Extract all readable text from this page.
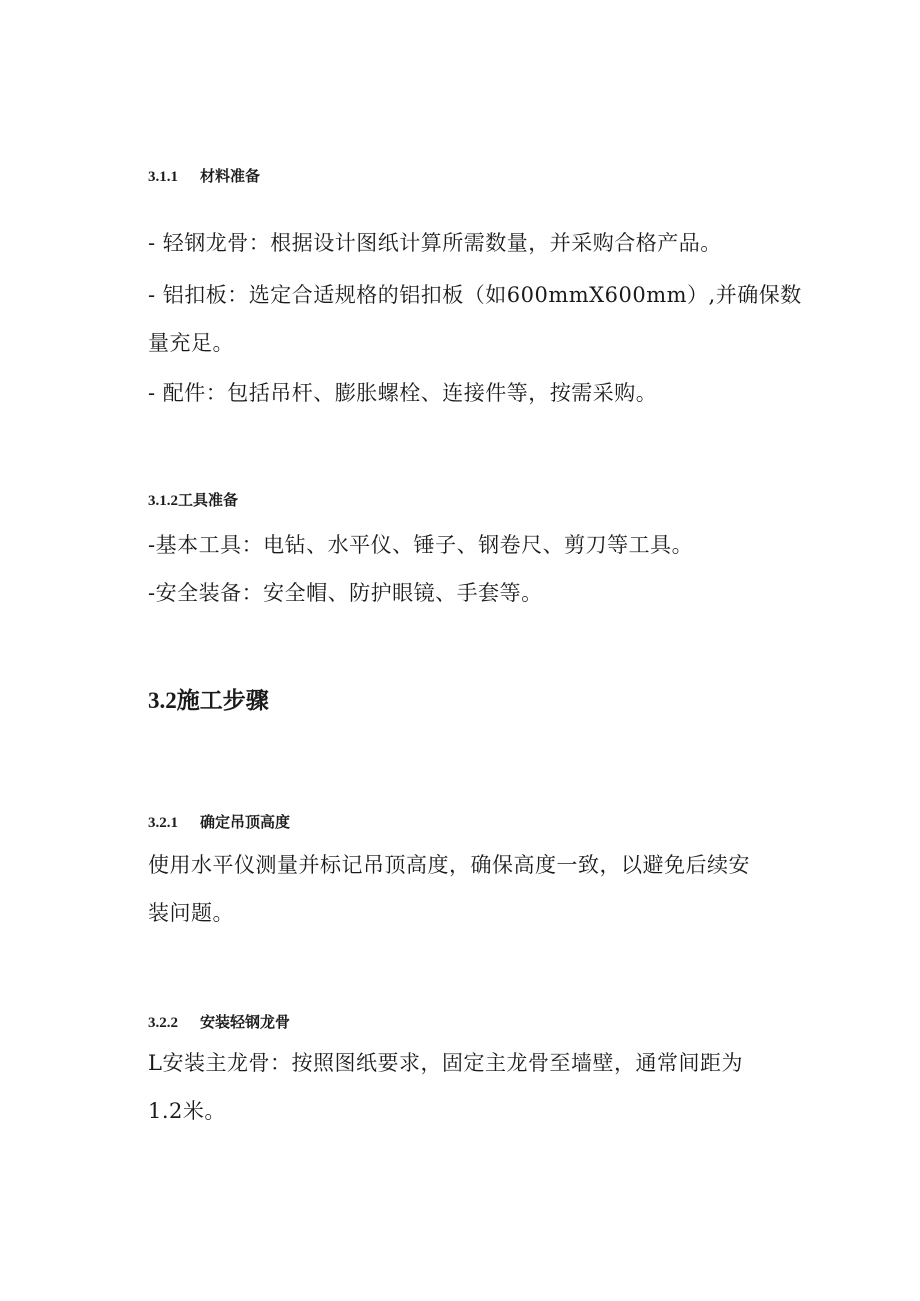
3.1.1 材料准备
- 轻钢龙骨：根据设计图纸计算所需数量，并采购合格产品。
- 铝扣板：选定合适规格的铝扣板（如600mmX600mm）,并确保数
量充足。
- 配件：包括吊杆、膨胀螺栓、连接件等，按需采购。
3.1.2工具准备
-基本工具：电钻、水平仪、锤子、钢卷尺、剪刀等工具。
-安全装备：安全帽、防护眼镜、手套等。
3.2施工步骤
3.2.1 确定吊顶高度
使用水平仪测量并标记吊顶高度，确保高度一致，以避免后续安
装问题。
3.2.2 安装轻钢龙骨
L安装主龙骨：按照图纸要求，固定主龙骨至墙壁，通常间距为
1.2米。
